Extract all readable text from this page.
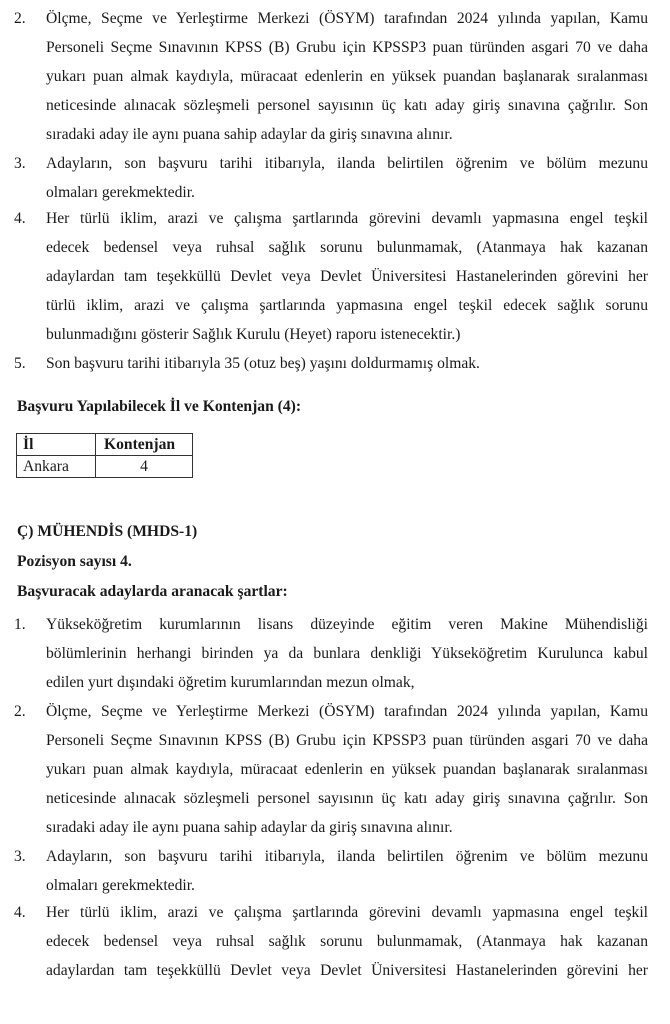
2.	Ölçme, Seçme ve Yerleştirme Merkezi (ÖSYM) tarafından 2024 yılında yapılan, Kamu
Personeli Seçme Sınavının KPSS (B) Grubu için KPSSP3 puan türünden asgari 70 ve daha
yukarı puan almak kaydıyla, müracaat edenlerin en yüksek puandan başlanarak sıralanması
neticesinde alınacak sözleşmeli personel sayısının üç katı aday giriş sınavına çağrılır. Son
sıradaki aday ile aynı puana sahip adaylar da giriş sınavına alınır.
3.	Adayların, son başvuru tarihi itibarıyla, ilanda belirtilen öğrenim ve bölüm mezunu
olmaları gerekmektedir.
4.	Her türlü iklim, arazi ve çalışma şartlarında görevini devamlı yapmasına engel teşkil
edecek bedensel veya ruhsal sağlık sorunu bulunmamak, (Atanmaya hak kazanan
adaylardan tam teşekküllü Devlet veya Devlet Üniversitesi Hastanelerinden görevini her
türlü iklim, arazi ve çalışma şartlarında yapmasına engel teşkil edecek sağlık sorunu
bulunmadığını gösterir Sağlık Kurulu (Heyet) raporu istenecektir.)
5.	Son başvuru tarihi itibarıyla 35 (otuz beş) yaşını doldurmamış olmak.
Başvuru Yapılabilecek İl ve Kontenjan (4):
İl	Kontenjan
Ankara	4
Ç) MÜHENDİS (MHDS-1)
Pozisyon sayısı 4.
Başvuracak adaylarda aranacak şartlar:
1.	Yükseköğretim kurumlarının lisans düzeyinde eğitim veren Makine Mühendisliği
bölümlerinin herhangi birinden ya da bunlara denkliği Yükseköğretim Kurulunca kabul
edilen yurt dışındaki öğretim kurumlarından mezun olmak,
2.	Ölçme, Seçme ve Yerleştirme Merkezi (ÖSYM) tarafından 2024 yılında yapılan, Kamu
Personeli Seçme Sınavının KPSS (B) Grubu için KPSSP3 puan türünden asgari 70 ve daha
yukarı puan almak kaydıyla, müracaat edenlerin en yüksek puandan başlanarak sıralanması
neticesinde alınacak sözleşmeli personel sayısının üç katı aday giriş sınavına çağrılır. Son
sıradaki aday ile aynı puana sahip adaylar da giriş sınavına alınır.
3.	Adayların, son başvuru tarihi itibarıyla, ilanda belirtilen öğrenim ve bölüm mezunu
olmaları gerekmektedir.
4.	Her türlü iklim, arazi ve çalışma şartlarında görevini devamlı yapmasına engel teşkil
edecek bedensel veya ruhsal sağlık sorunu bulunmamak, (Atanmaya hak kazanan
adaylardan tam teşekküllü Devlet veya Devlet Üniversitesi Hastanelerinden görevini her
